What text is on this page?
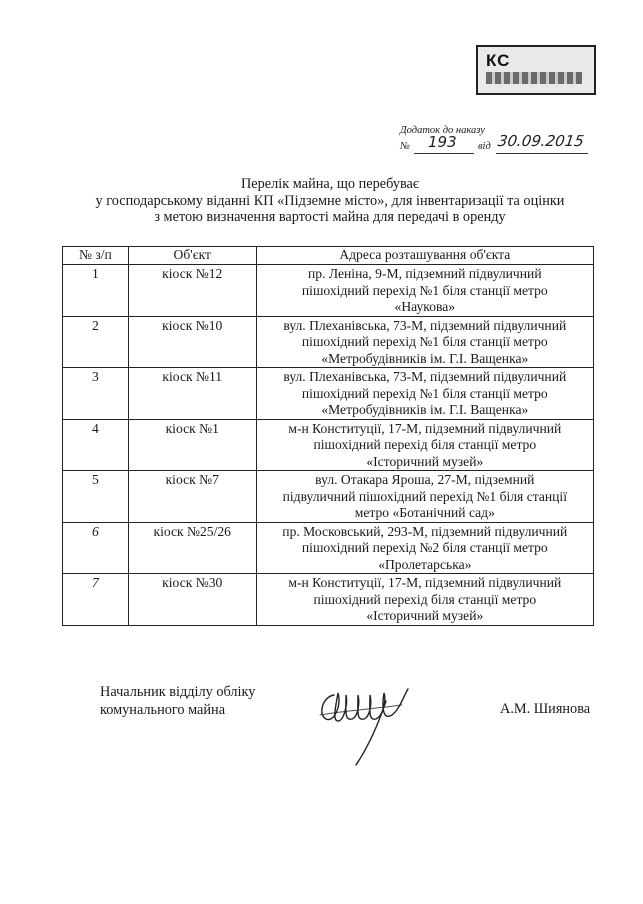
КС
Додаток до наказу
№ 193 від 30.09.2015
Перелік майна, що перебуває
у господарському віданні КП «Підземне місто», для інвентаризації та оцінки
з метою визначення вартості майна для передачі в оренду
№ з/п	Об'єкт	Адреса розташування об'єкта
1	кіоск №12	пр. Леніна, 9-М, підземний підвуличний
пішохідний перехід №1 біля станції метро
«Наукова»

2	кіоск №10	вул. Плеханівська, 73-М, підземний підвуличний
пішохідний перехід №1 біля станції метро
«Метробудівників ім. Г.І. Ващенка»

3	кіоск №11	вул. Плеханівська, 73-М, підземний підвуличний
пішохідний перехід №1 біля станції метро
«Метробудівників ім. Г.І. Ващенка»

4	кіоск №1	м-н Конституції, 17-М, підземний підвуличний
пішохідний перехід біля станції метро
«Історичний музей»

5	кіоск №7	вул. Отакара Яроша, 27-М, підземний
підвуличний пішохідний перехід №1 біля станції
метро «Ботанічний сад»

6	кіоск №25/26	пр. Московський, 293-М, підземний підвуличний
пішохідний перехід №2 біля станції метро
«Пролетарська»

7	кіоск №30	м-н Конституції, 17-М, підземний підвуличний
пішохідний перехід біля станції метро
«Історичний музей»
Начальник відділу обліку
комунального майна	А.М. Шиянова
